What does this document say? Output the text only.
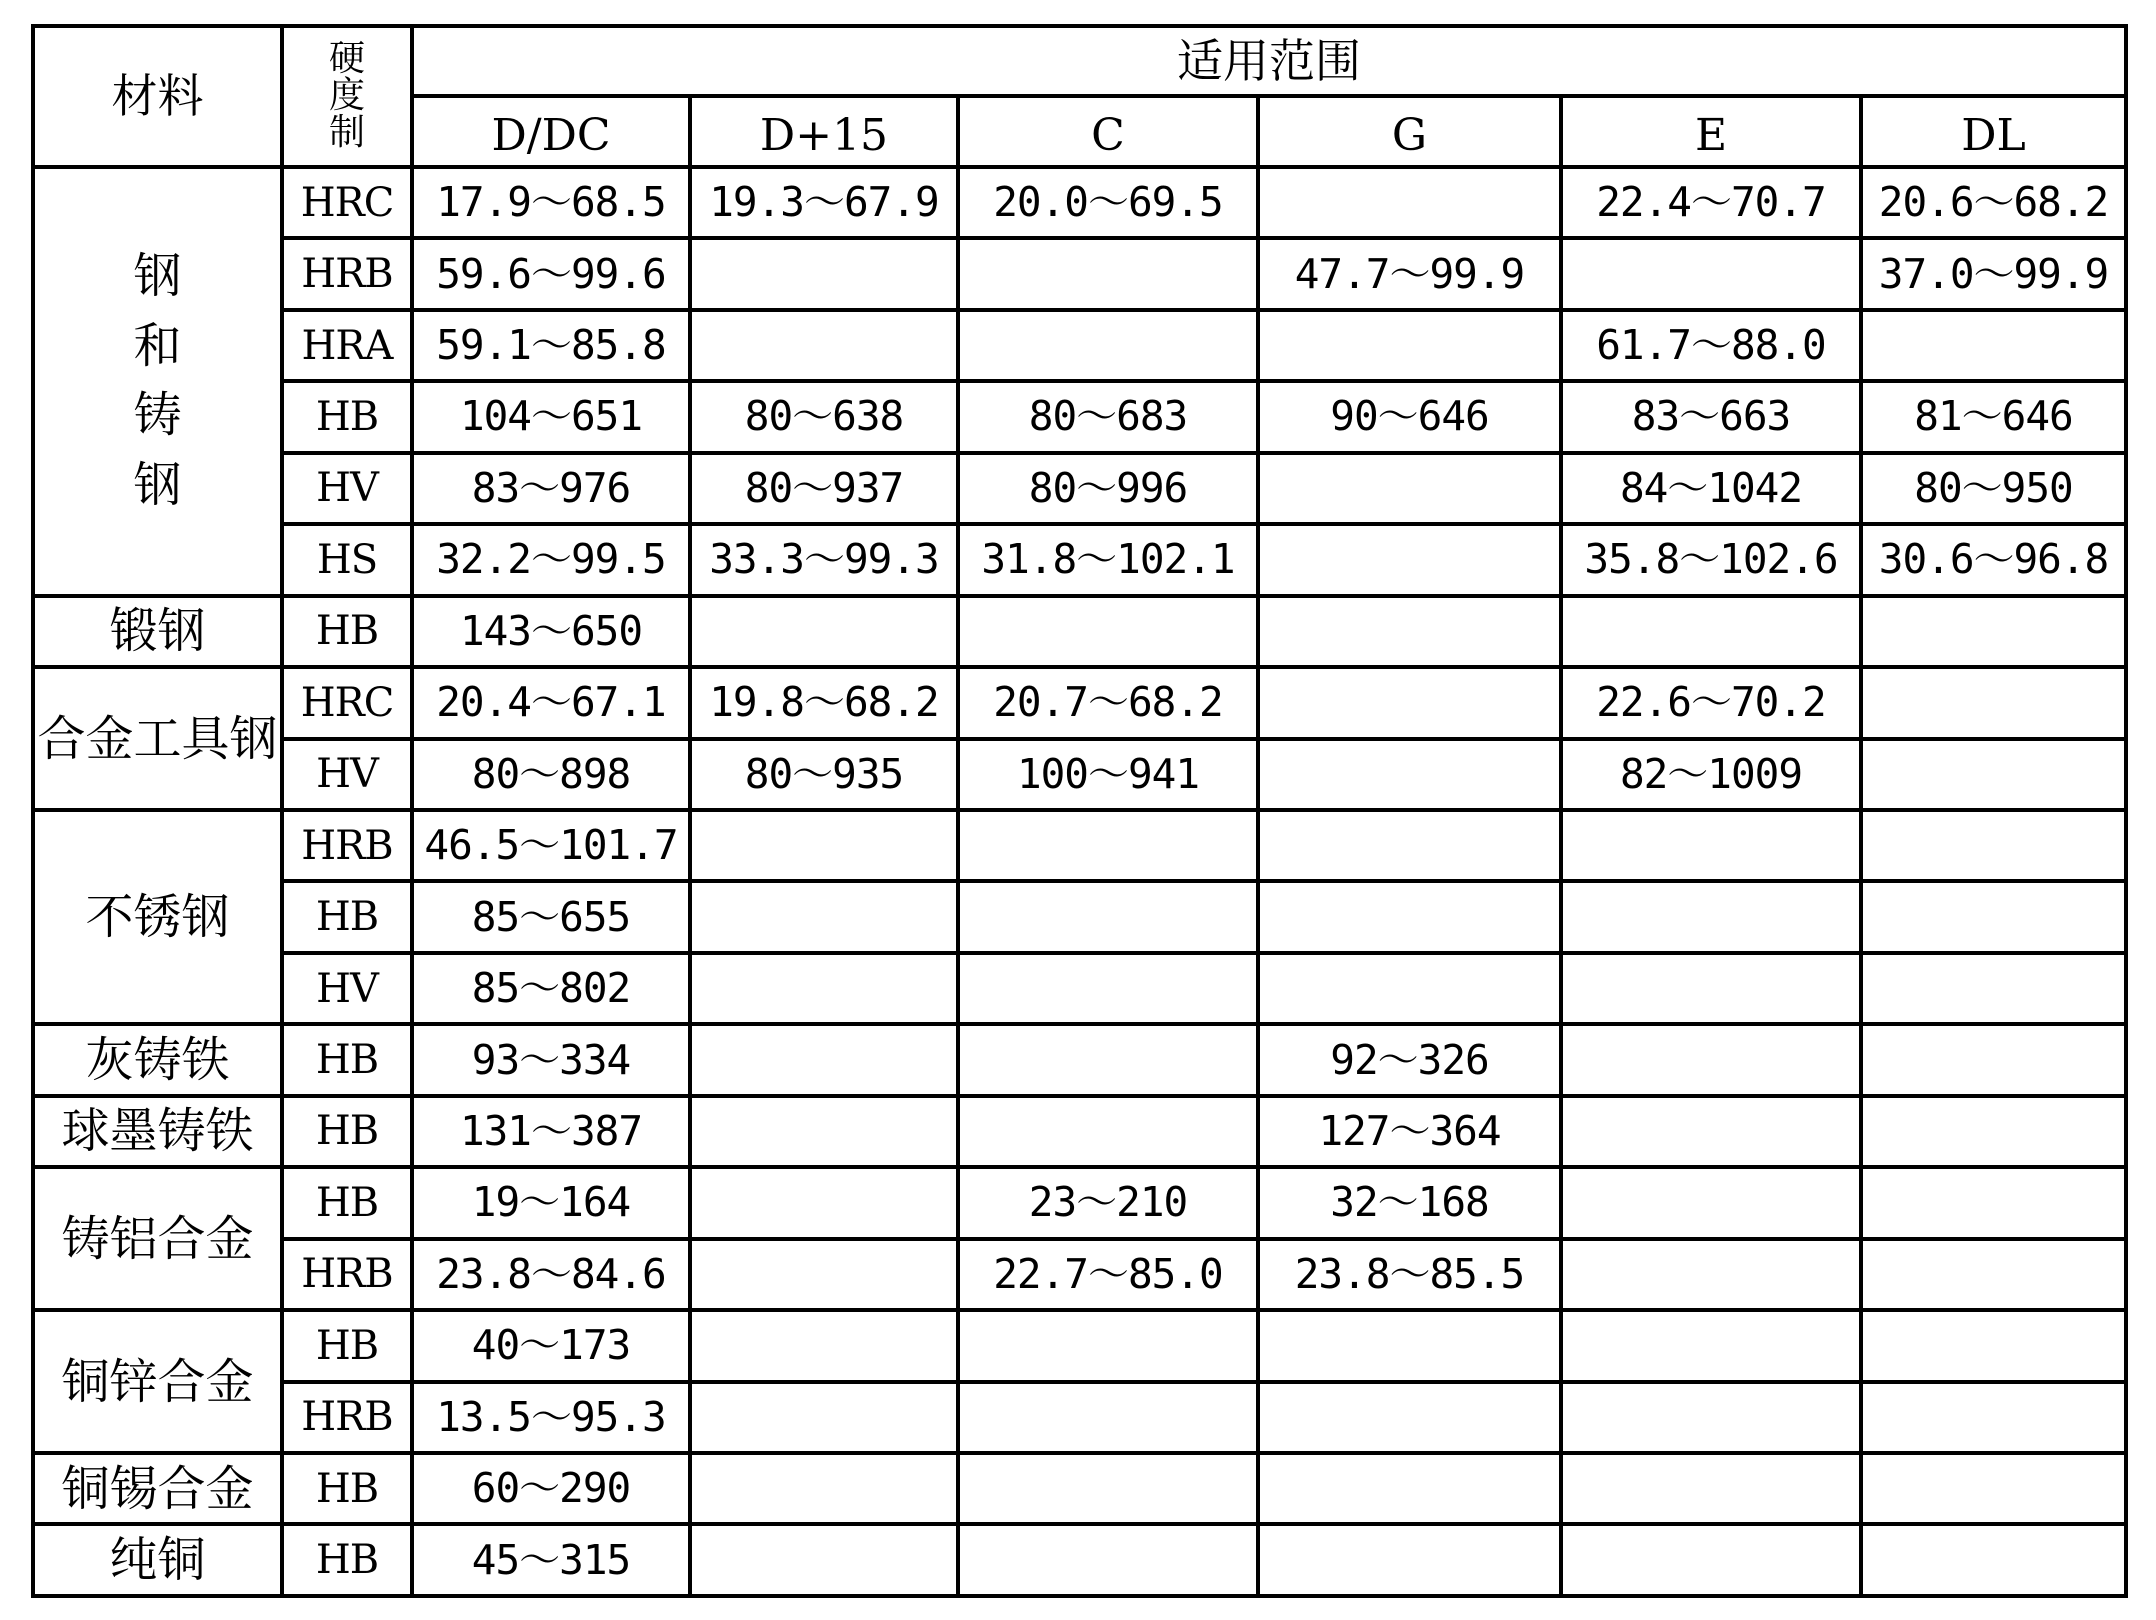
材料	硬
度
制	适用范围					
		D/DC	D+15	C	G	E	DL
钢
和
铸
钢	HRC	17.9～68.5	19.3～67.9	20.0～69.5		22.4～70.7	20.6～68.2
	HRB	59.6～99.6			47.7～99.9		37.0～99.9
	HRA	59.1～85.8				61.7～88.0	
	HB	104～651	80～638	80～683	90～646	83～663	81～646
	HV	83～976	80～937	80～996		84～1042	80～950
	HS	32.2～99.5	33.3～99.3	31.8～102.1		35.8～102.6	30.6～96.8
锻钢	HB	143～650					
合金工具钢	HRC	20.4～67.1	19.8～68.2	20.7～68.2		22.6～70.2	
	HV	80～898	80～935	100～941		82～1009	
不锈钢	HRB	46.5～101.7					
	HB	85～655					
	HV	85～802					
灰铸铁	HB	93～334			92～326		
球墨铸铁	HB	131～387			127～364		
铸铝合金	HB	19～164		23～210	32～168		
	HRB	23.8～84.6		22.7～85.0	23.8～85.5		
铜锌合金	HB	40～173					
	HRB	13.5～95.3					
铜锡合金	HB	60～290					
纯铜	HB	45～315					
